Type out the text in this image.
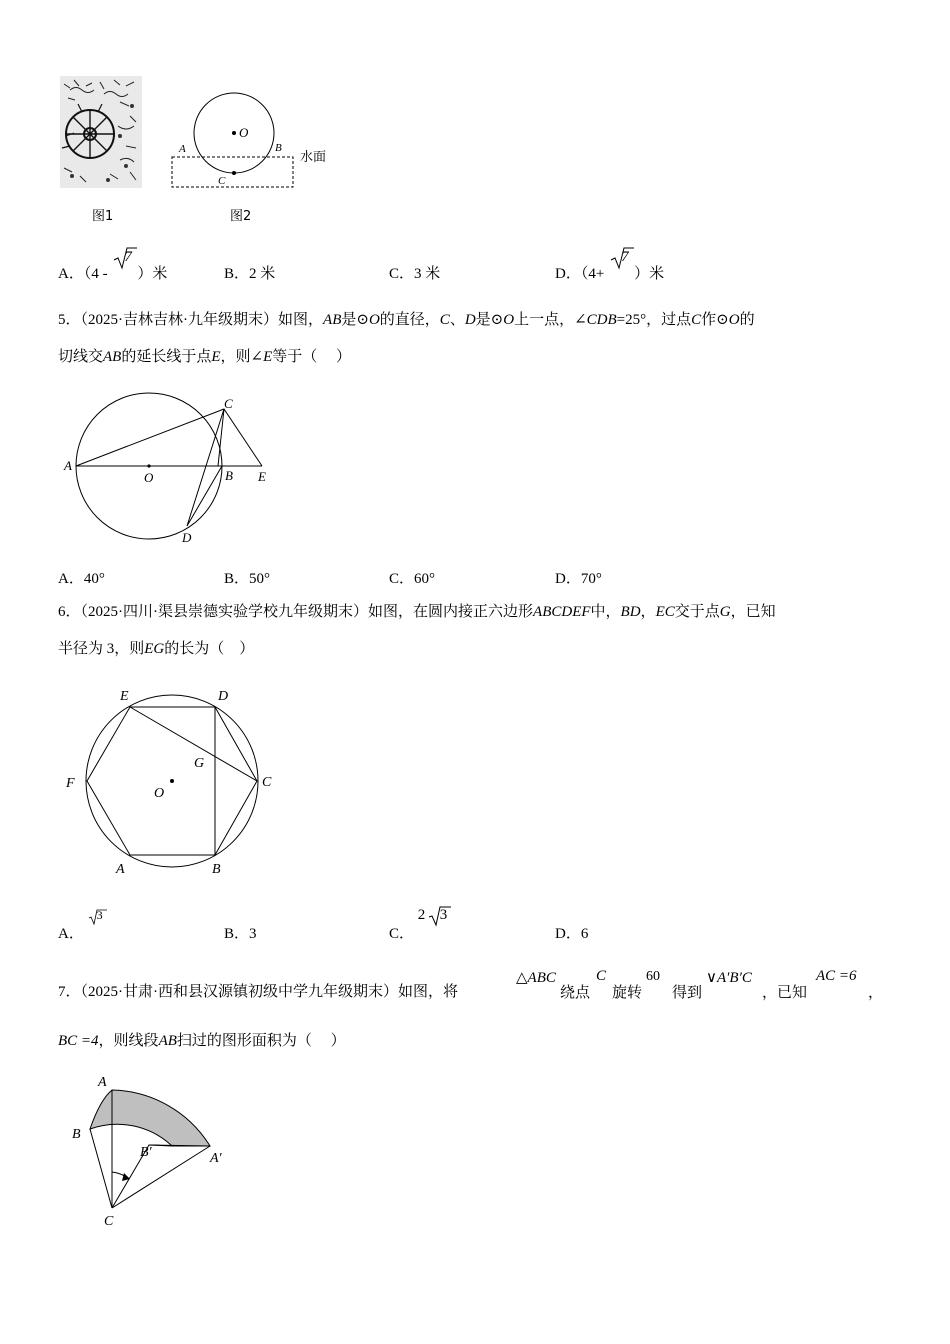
图1
O
A	B
C
水面
图2
A．（4 -
7
）米	B．2 米	C．3 米	D．（4+
7
）米
5．（2025·吉林吉林·九年级期末）如图，AB是⊙O的直径，C、D是⊙O上一点，∠CDB=25°，过点C作⊙O的
切线交AB的延长线于点E，则∠E等于（　 ）
A
O	B E
C
D
A．40°	B．50°	C．60°	D．70°
6．（2025·四川·渠县崇德实验学校九年级期末）如图，在圆内接正六边形ABCDEF中，BD，EC交于点G，已知
半径为 3，则EG的长为（　）
E	D
F
G
C
O
A	B
A．
3
B．3	C．
2 3
D．6
7．（2025·甘肃·西和县汉源镇初级中学九年级期末）如图，将
△ABC
绕点
C
旋转
60
得到
∨A′B′C
，已知
AC =6
，
BC =4，则线段AB扫过的图形面积为（　 ）
A
B
B′	A′
C
